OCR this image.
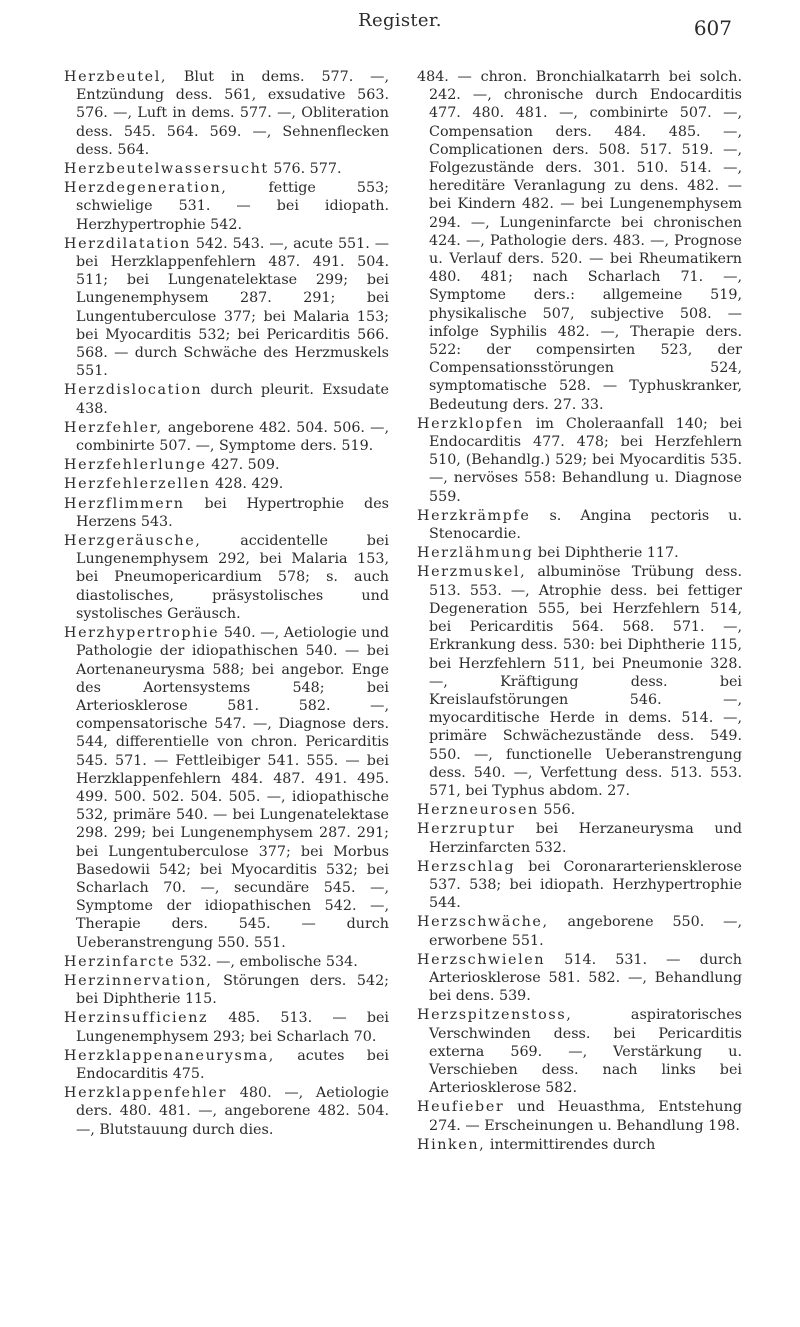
Register.	607

Herzbeutel, Blut in dems. 577. —, Entzündung dess. 561, exsudative 563. 576. —, Luft in dems. 577. —, Obliteration dess. 545. 564. 569. —, Sehnenflecken dess. 564.

Herzbeutelwassersucht 576. 577.

Herzdegeneration, fettige 553; schwielige 531. — bei idiopath. Herzhypertrophie 542.

Herzdilatation 542. 543. —, acute 551. — bei Herzklappenfehlern 487. 491. 504. 511; bei Lungenatelektase 299; bei Lungenemphysem 287. 291; bei Lungentuberculose 377; bei Malaria 153; bei Myocarditis 532; bei Pericarditis 566. 568. — durch Schwäche des Herzmuskels 551.

Herzdislocation durch pleurit. Exsudate 438.

Herzfehler, angeborene 482. 504. 506. —, combinirte 507. —, Symptome ders. 519.

Herzfehlerlunge 427. 509.

Herzfehlerzellen 428. 429.

Herzflimmern bei Hypertrophie des Herzens 543.

Herzgeräusche, accidentelle bei Lungenemphysem 292, bei Malaria 153, bei Pneumopericardium 578; s. auch diastolisches, präsystolisches und systolisches Geräusch.

Herzhypertrophie 540. —, Aetiologie und Pathologie der idiopathischen 540. — bei Aortenaneurysma 588; bei angebor. Enge des Aortensystems 548; bei Arteriosklerose 581. 582. —, compensatorische 547. —, Diagnose ders. 544, differentielle von chron. Pericarditis 545. 571. — Fettleibiger 541. 555. — bei Herzklappenfehlern 484. 487. 491. 495. 499. 500. 502. 504. 505. —, idiopathische 532, primäre 540. — bei Lungenatelektase 298. 299; bei Lungenemphysem 287. 291; bei Lungentuberculose 377; bei Morbus Basedowii 542; bei Myocarditis 532; bei Scharlach 70. —, secundäre 545. —, Symptome der idiopathischen 542. —, Therapie ders. 545. — durch Ueberanstrengung 550. 551.

Herzinfarcte 532. —, embolische 534.

Herzinnervation, Störungen ders. 542; bei Diphtherie 115.

Herzinsufficienz 485. 513. — bei Lungenemphysem 293; bei Scharlach 70.

Herzklappenaneurysma, acutes bei Endocarditis 475.

Herzklappenfehler 480. —, Aetiologie ders. 480. 481. —, angeborene 482. 504. —, Blutstauung durch dies.

484. — chron. Bronchialkatarrh bei solch. 242. —, chronische durch Endocarditis 477. 480. 481. —, combinirte 507. —, Compensation ders. 484. 485. —, Complicationen ders. 508. 517. 519. —, Folgezustände ders. 301. 510. 514. —, hereditäre Veranlagung zu dens. 482. — bei Kindern 482. — bei Lungenemphysem 294. —, Lungeninfarcte bei chronischen 424. —, Pathologie ders. 483. —, Prognose u. Verlauf ders. 520. — bei Rheumatikern 480. 481; nach Scharlach 71. —, Symptome ders.: allgemeine 519, physikalische 507, subjective 508. — infolge Syphilis 482. —, Therapie ders. 522: der compensirten 523, der Compensationsstörungen 524, symptomatische 528. — Typhuskranker, Bedeutung ders. 27. 33.

Herzklopfen im Choleraanfall 140; bei Endocarditis 477. 478; bei Herzfehlern 510, (Behandlg.) 529; bei Myocarditis 535. —, nervöses 558: Behandlung u. Diagnose 559.

Herzkrämpfe s. Angina pectoris u. Stenocardie.

Herzlähmung bei Diphtherie 117.

Herzmuskel, albuminöse Trübung dess. 513. 553. —, Atrophie dess. bei fettiger Degeneration 555, bei Herzfehlern 514, bei Pericarditis 564. 568. 571. —, Erkrankung dess. 530: bei Diphtherie 115, bei Herzfehlern 511, bei Pneumonie 328. —, Kräftigung dess. bei Kreislaufstörungen 546. —, myocarditische Herde in dems. 514. —, primäre Schwächezustände dess. 549. 550. —, functionelle Ueberanstrengung dess. 540. —, Verfettung dess. 513. 553. 571, bei Typhus abdom. 27.

Herzneurosen 556.

Herzruptur bei Herzaneurysma und Herzinfarcten 532.

Herzschlag bei Coronararteriensklerose 537. 538; bei idiopath. Herzhypertrophie 544.

Herzschwäche, angeborene 550. —, erworbene 551.

Herzschwielen 514. 531. — durch Arteriosklerose 581. 582. —, Behandlung bei dens. 539.

Herzspitzenstoss, aspiratorisches Verschwinden dess. bei Pericarditis externa 569. —, Verstärkung u. Verschieben dess. nach links bei Arteriosklerose 582.

Heufieber und Heuasthma, Entstehung 274. — Erscheinungen u. Behandlung 198.

Hinken, intermittirendes durch
